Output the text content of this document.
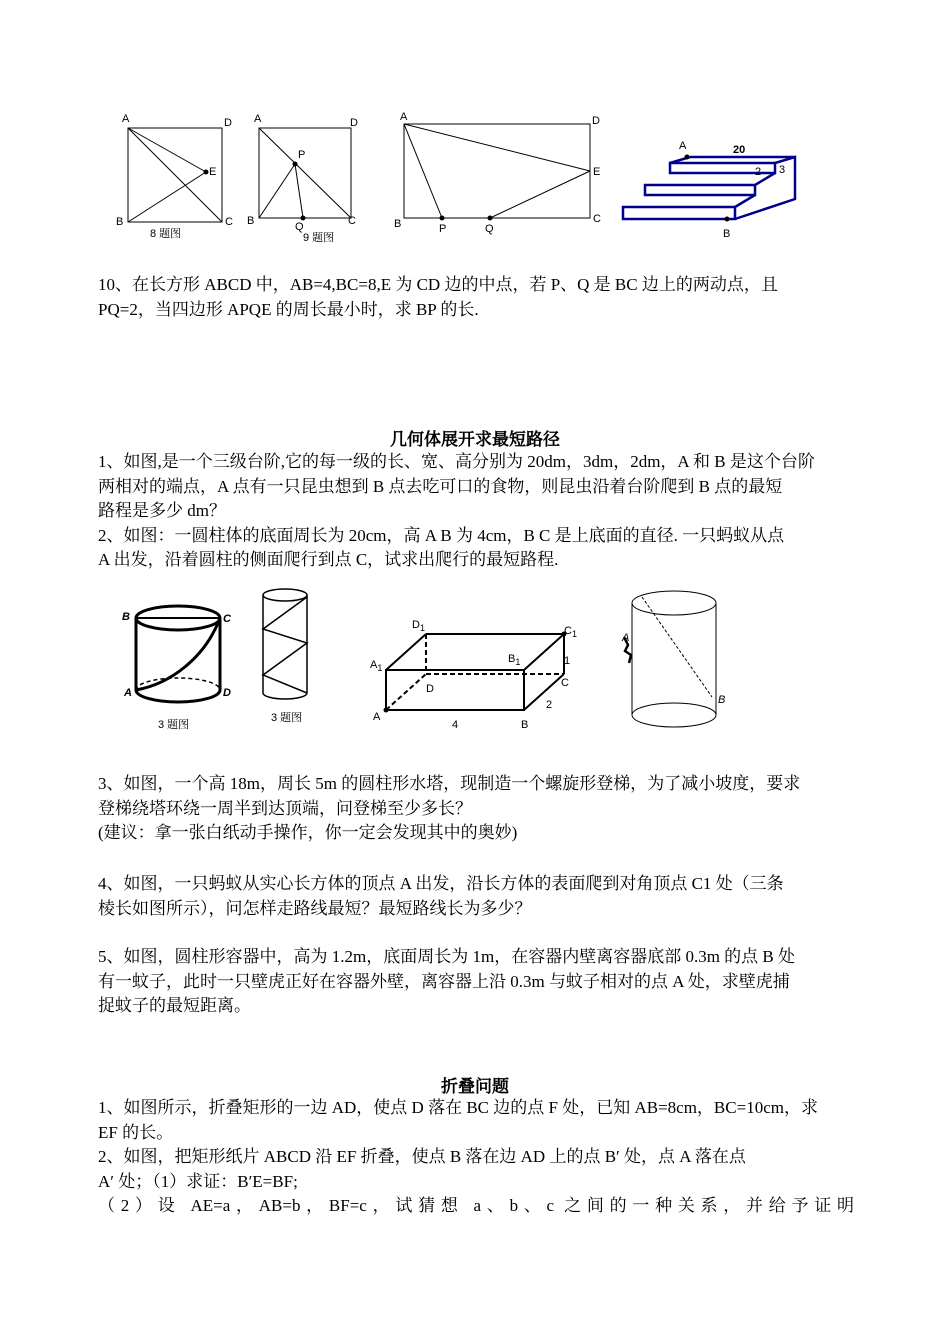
A	D
E
B	C
8 题图
A	D
P
B	C
Q
9 题图
A	D
E
B	P	Q
C
A	20
2 3
B

10、在长方形 ABCD 中，AB=4,BC=8,E 为 CD 边的中点，若 P、Q 是 BC 边上的两动点，且

PQ=2，当四边形 APQE 的周长最小时，求 BP 的长.

几何体展开求最短路径

1、如图,是一个三级台阶,它的每一级的长、宽、高分别为 20dm，3dm，2dm，A 和 B 是这个台阶

两相对的端点，A 点有一只昆虫想到 B 点去吃可口的食物，则昆虫沿着台阶爬到 B 点的最短

路程是多少 dm？

2、如图：一圆柱体的底面周长为 20cm，高 A B 为 4cm，B C 是上底面的直径. 一只蚂蚁从点

A 出发，沿着圆柱的侧面爬行到点 C，试求出爬行的最短路程.

B	C
A	D
3 题图
3 题图
$D_1$	$C_1$
$A_1$
$B_1$
D	C
A
B
4
2
1
A
B

3、如图，一个高 18m，周长 5m 的圆柱形水塔，现制造一个螺旋形登梯，为了减小坡度，要求

登梯绕塔环绕一周半到达顶端，问登梯至少多长？

(建议：拿一张白纸动手操作，你一定会发现其中的奥妙)

4、如图，一只蚂蚁从实心长方体的顶点 A 出发，沿长方体的表面爬到对角顶点 C1 处（三条

棱长如图所示），问怎样走路线最短？最短路线长为多少？

5、如图，圆柱形容器中，高为 1.2m，底面周长为 1m，在容器内壁离容器底部 0.3m 的点 B 处

有一蚊子，此时一只壁虎正好在容器外壁，离容器上沿 0.3m 与蚊子相对的点 A 处，求壁虎捕

捉蚊子的最短距离。

折叠问题

1、如图所示，折叠矩形的一边 AD，使点 D 落在 BC 边的点 F 处，已知 AB=8cm，BC=10cm，求

EF 的长。

2、如图，把矩形纸片 ABCD 沿 EF 折叠，使点 B 落在边 AD 上的点 B′ 处，点 A 落在点

A′ 处；（1）求证：B′E=BF;

（2）设 AE=a，AB=b，BF=c，试猜想 a、b、c 之间的一种关系，并给予证明
